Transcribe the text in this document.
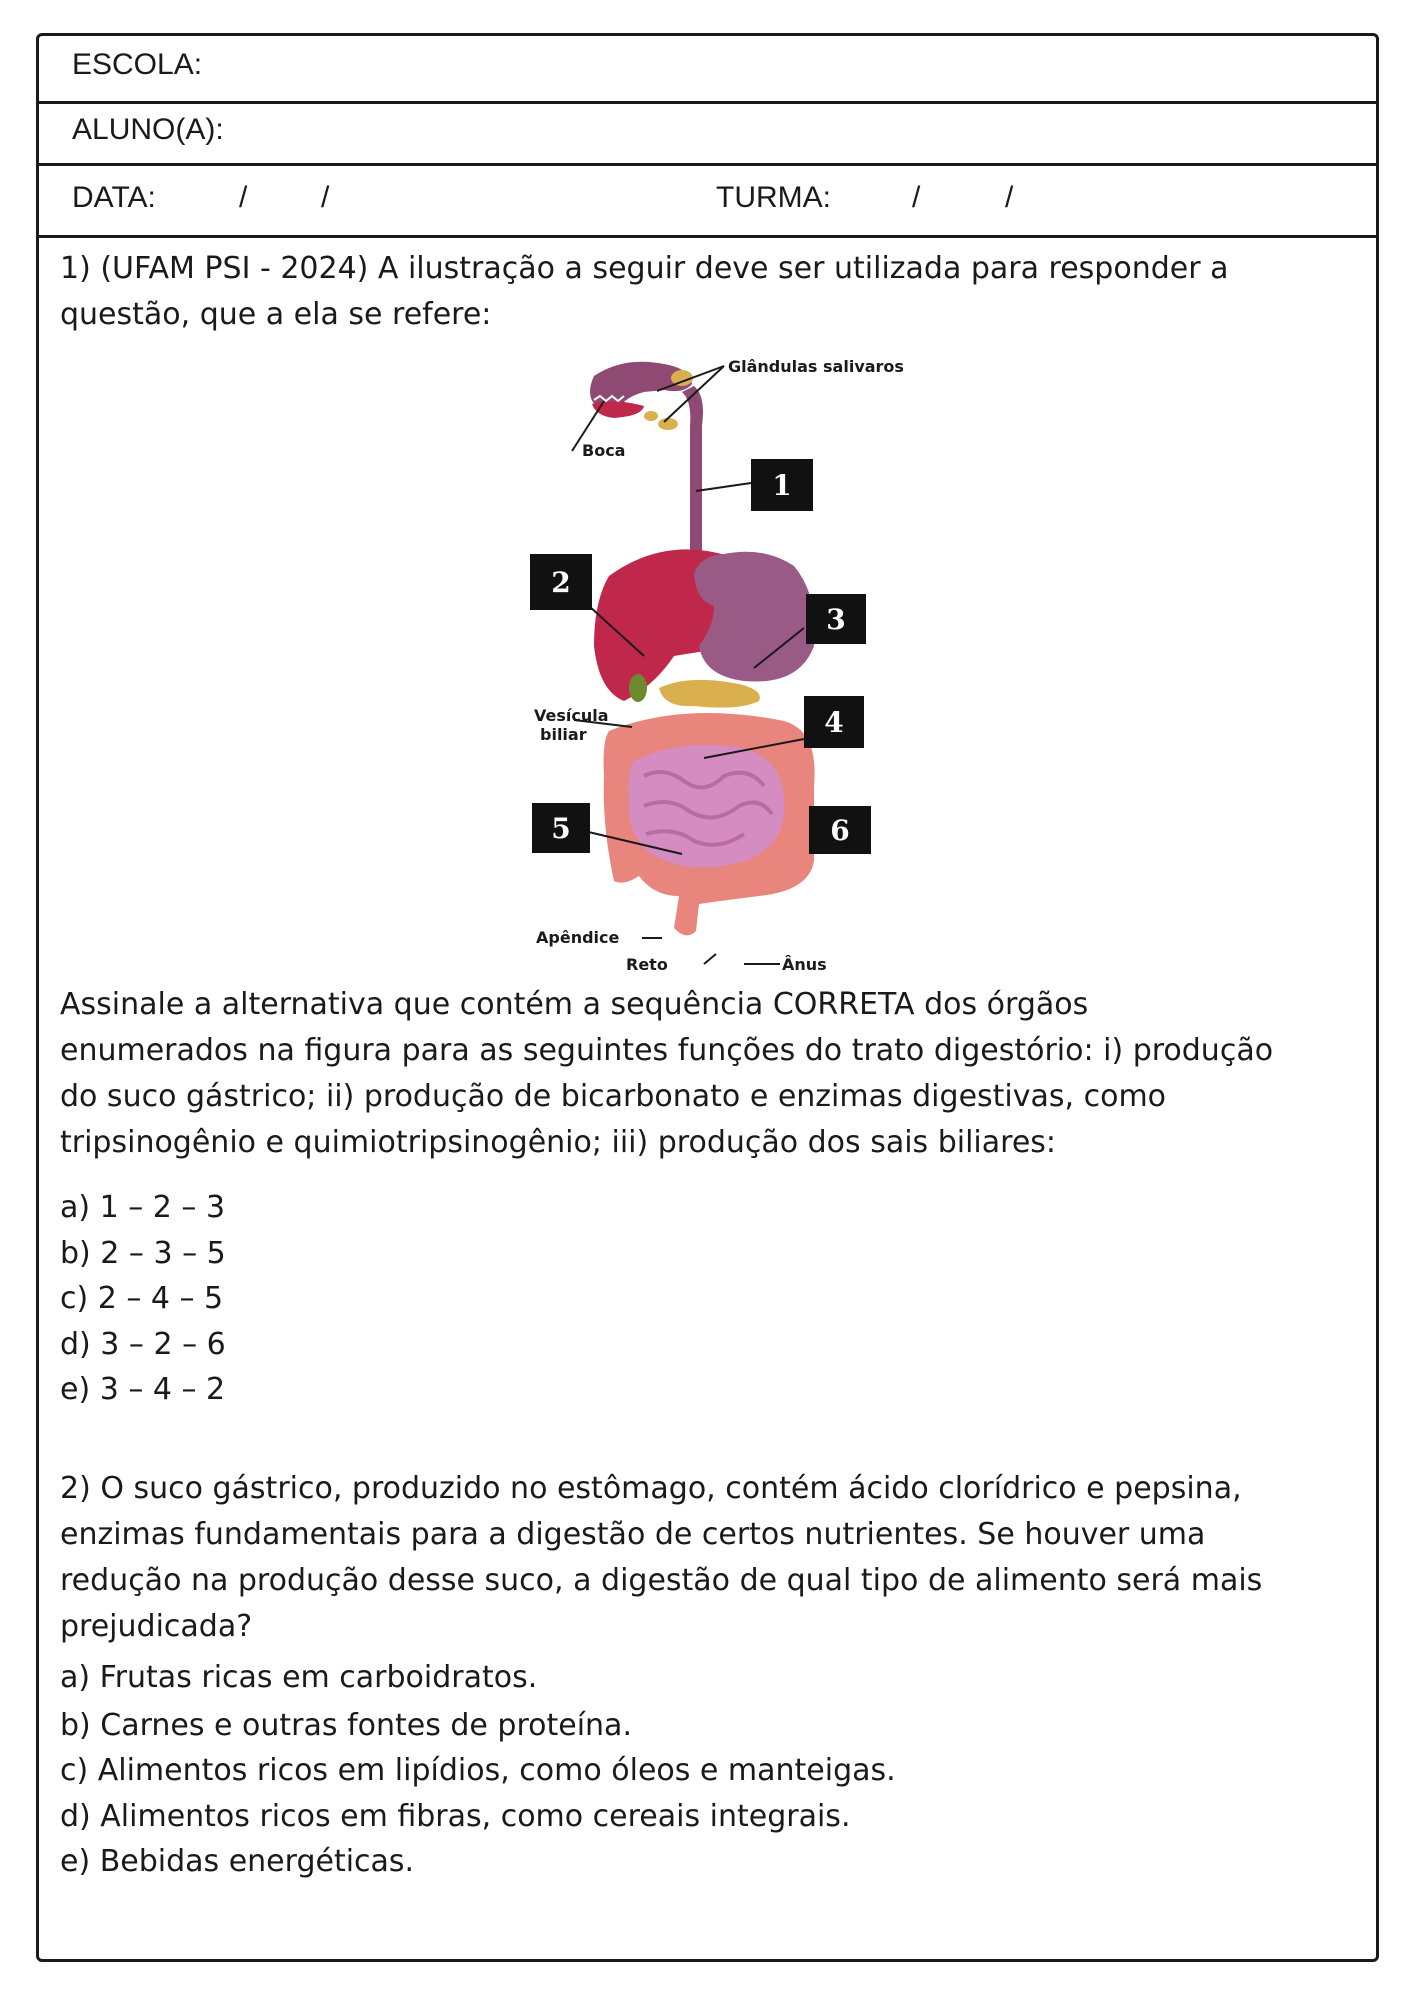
ESCOLA:
ALUNO(A):
DATA:	/ /	TURMA:	/	/

1) (UFAM PSI - 2024) A ilustração a seguir deve ser utilizada para responder a

questão, que a ela se refere:

1
2
3
4
5	6
Glândulas salivaros
Boca
Vesícula
biliar
Apêndice
Reto	Ânus

Assinale a alternativa que contém a sequência CORRETA dos órgãos

enumerados na figura para as seguintes funções do trato digestório: i) produção

do suco gástrico; ii) produção de bicarbonato e enzimas digestivas, como

tripsinogênio e quimiotripsinogênio; iii) produção dos sais biliares:

a) 1 – 2 – 3
b) 2 – 3 – 5
c) 2 – 4 – 5
d) 3 – 2 – 6
e) 3 – 4 – 2

2) O suco gástrico, produzido no estômago, contém ácido clorídrico e pepsina,

enzimas fundamentais para a digestão de certos nutrientes. Se houver uma

redução na produção desse suco, a digestão de qual tipo de alimento será mais

prejudicada?

a) Frutas ricas em carboidratos.
b) Carnes e outras fontes de proteína.
c) Alimentos ricos em lipídios, como óleos e manteigas.
d) Alimentos ricos em fibras, como cereais integrais.
e) Bebidas energéticas.
